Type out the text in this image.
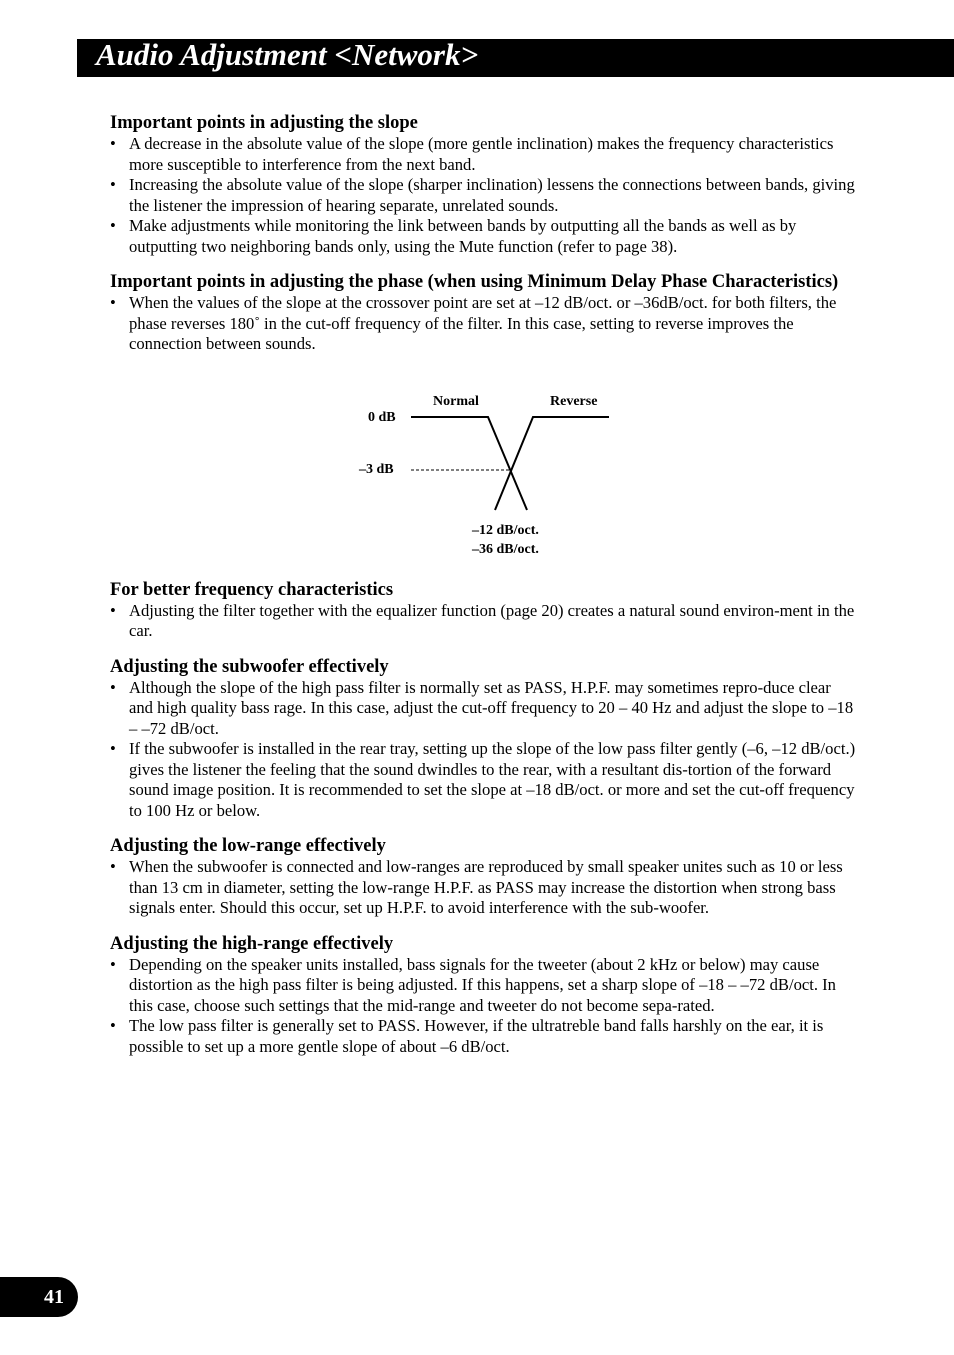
Audio Adjustment <Network>
Important points in adjusting the slope
• A decrease in the absolute value of the slope (more gentle inclination) makes the frequency characteristics more susceptible to interference from the next band.
• Increasing the absolute value of the slope (sharper inclination) lessens the connections between bands, giving the listener the impression of hearing separate, unrelated sounds.
• Make adjustments while monitoring the link between bands by outputting all the bands as well as by outputting two neighboring bands only, using the Mute function (refer to page 38).
Important points in adjusting the phase (when using Minimum Delay Phase Characteristics)
• When the values of the slope at the crossover point are set at –12 dB/oct. or –36dB/oct. for both filters, the phase reverses 180˚ in the cut-off frequency of the filter. In this case, setting to reverse improves the connection between sounds.
For better frequency characteristics
• Adjusting the filter together with the equalizer function (page 20) creates a natural sound environ-ment in the car.
Adjusting the subwoofer effectively
• Although the slope of the high pass filter is normally set as PASS, H.P.F. may sometimes repro-duce clear and high quality bass rage. In this case, adjust the cut-off frequency to 20 – 40 Hz and adjust the slope to –18 – –72 dB/oct.
• If the subwoofer is installed in the rear tray, setting up the slope of the low pass filter gently (–6, –12 dB/oct.) gives the listener the feeling that the sound dwindles to the rear, with a resultant dis-tortion of the forward sound image position. It is recommended to set the slope at –18 dB/oct. or more and set the cut-off frequency to 100 Hz or below.
Adjusting the low-range effectively
• When the subwoofer is connected and low-ranges are reproduced by small speaker unites such as 10 or less than 13 cm in diameter, setting the low-range H.P.F. as PASS may increase the distortion when strong bass signals enter. Should this occur, set up H.P.F. to avoid interference with the sub-woofer.
Adjusting the high-range effectively
• Depending on the speaker units installed, bass signals for the tweeter (about 2 kHz or below) may cause distortion as the high pass filter is being adjusted. If this happens, set a sharp slope of –18 – –72 dB/oct. In this case, choose such settings that the mid-range and tweeter do not become sepa-rated.
• The low pass filter is generally set to PASS. However, if the ultratreble band falls harshly on the ear, it is possible to set up a more gentle slope of about –6 dB/oct.
Normal	Reverse
0 dB
–3 dB
–12 dB/oct.
–36 dB/oct.
41
